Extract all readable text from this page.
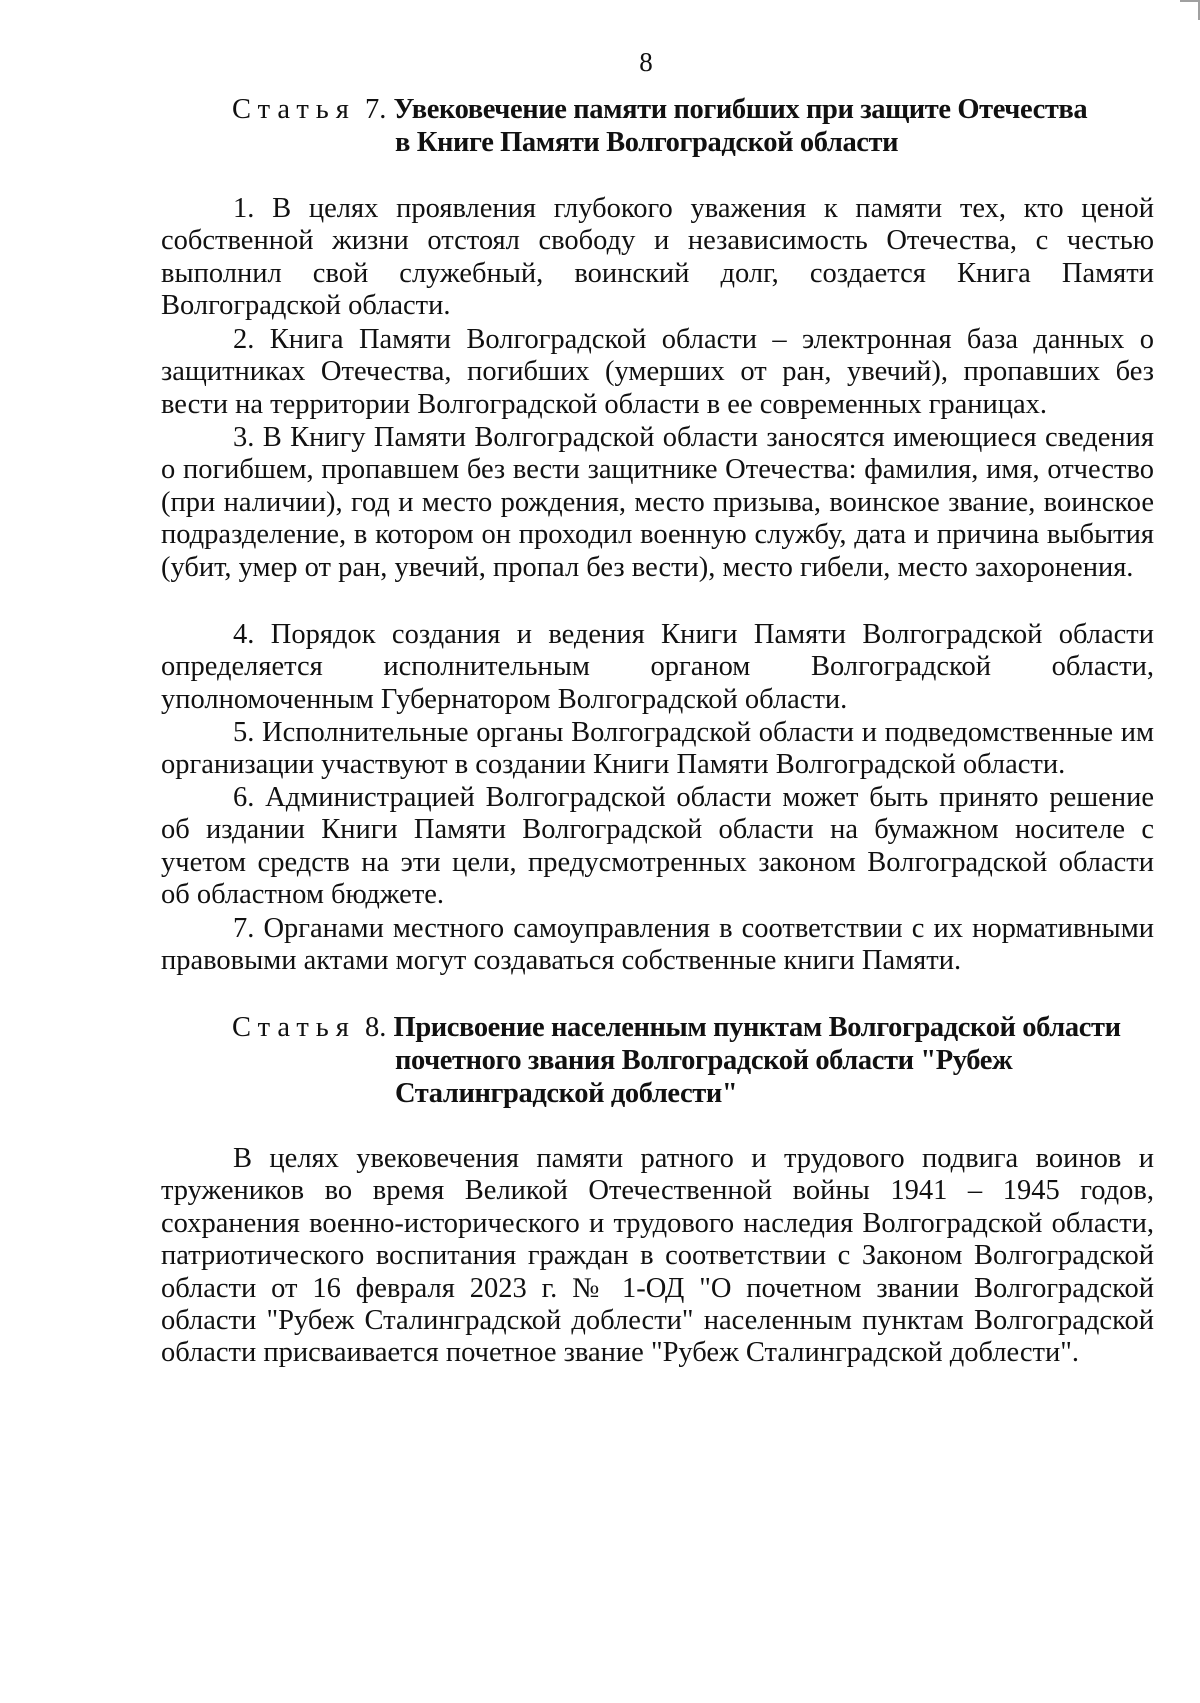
8
Статья 7. Увековечение памяти погибших при защите Отечества
в Книге Памяти Волгоградской области

1. В целях проявления глубокого уважения к памяти тех, кто ценой собственной жизни отстоял свободу и независимость Отечества, с честью выполнил свой служебный, воинский долг, создается Книга Памяти Волгоградской области.

2. Книга Памяти Волгоградской области – электронная база данных о защитниках Отечества, погибших (умерших от ран, увечий), пропавших без вести на территории Волгоградской области в ее современных границах.

3. В Книгу Памяти Волгоградской области заносятся имеющиеся сведения о погибшем, пропавшем без вести защитнике Отечества: фамилия, имя, отчество (при наличии), год и место рождения, место призыва, воинское звание, воинское подразделение, в котором он проходил военную службу, дата и причина выбытия (убит, умер от ран, увечий, пропал без вести), место гибели, место захоронения.

4. Порядок создания и ведения Книги Памяти Волгоградской области определяется исполнительным органом Волгоградской области, уполномоченным Губернатором Волгоградской области.

5. Исполнительные органы Волгоградской области и подведомственные им организации участвуют в создании Книги Памяти Волгоградской области.

6. Администрацией Волгоградской области может быть принято решение об издании Книги Памяти Волгоградской области на бумажном носителе с учетом средств на эти цели, предусмотренных законом Волгоградской области об областном бюджете.

7. Органами местного самоуправления в соответствии с их нормативными правовыми актами могут создаваться собственные книги Памяти.

Статья 8. Присвоение населенным пунктам Волгоградской области
почетного звания Волгоградской области "Рубеж
Сталинградской доблести"

В целях увековечения памяти ратного и трудового подвига воинов и тружеников во время Великой Отечественной войны 1941 – 1945 годов, сохранения военно-исторического и трудового наследия Волгоградской области, патриотического воспитания граждан в соответствии с Законом Волгоградской области от 16 февраля 2023 г. № 1-ОД "О почетном звании Волгоградской области "Рубеж Сталинградской доблести" населенным пунктам Волгоградской области присваивается почетное звание "Рубеж Сталинградской доблести".
